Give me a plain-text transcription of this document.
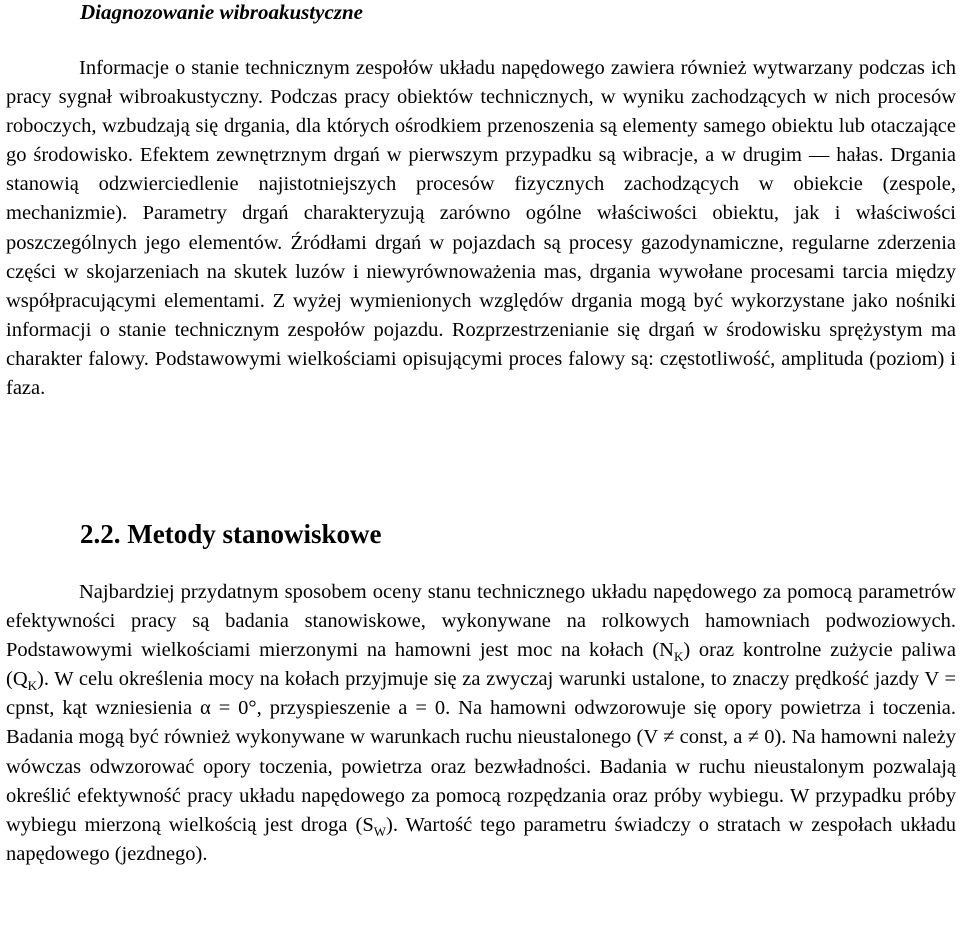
Diagnozowanie wibroakustyczne

Informacje o stanie technicznym zespołów układu napędowego zawiera również wytwarzany podczas ich pracy sygnał wibroakustyczny. Podczas pracy obiektów technicznych, w wyniku zachodzących w nich procesów roboczych, wzbudzają się drgania, dla których ośrodkiem przenoszenia są elementy samego obiektu lub otaczające go środowisko. Efektem zewnętrznym drgań w pierwszym przypadku są wibracje, a w drugim — hałas. Drgania stanowią odzwierciedlenie najistotniejszych procesów fizycznych zachodzących w obiekcie (zespole, mechanizmie). Parametry drgań charakteryzują zarówno ogólne właściwości obiektu, jak i właściwości poszczególnych jego elementów. Źródłami drgań w pojazdach są procesy gazodynamiczne, regularne zderzenia części w skojarzeniach na skutek luzów i niewyrównoważenia mas, drgania wywołane procesami tarcia między współpracującymi elementami. Z wyżej wymienionych względów drgania mogą być wykorzystane jako nośniki informacji o stanie technicznym zespołów pojazdu. Rozprzestrzenianie się drgań w środowisku sprężystym ma charakter falowy. Podstawowymi wielkościami opisującymi proces falowy są: częstotliwość, amplituda (poziom) i faza.

2.2. Metody stanowiskowe

Najbardziej przydatnym sposobem oceny stanu technicznego układu napędowego za pomocą parametrów efektywności pracy są badania stanowiskowe, wykonywane na rolkowych hamowniach podwoziowych. Podstawowymi wielkościami mierzonymi na hamowni jest moc na kołach $(N_K)$ oraz kontrolne zużycie paliwa $(Q_K)$. W celu określenia mocy na kołach przyjmuje się za zwyczaj warunki ustalone, to znaczy prędkość jazdy V = cpnst, kąt wzniesienia α = 0°, przyspieszenie a = 0. Na hamowni odwzorowuje się opory powietrza i toczenia. Badania mogą być również wykonywane w warunkach ruchu nieustalonego (V ≠ const, a ≠ 0). Na hamowni należy wówczas odwzorować opory toczenia, powietrza oraz bezwładności. Badania w ruchu nieustalonym pozwalają określić efektywność pracy układu napędowego za pomocą rozpędzania oraz próby wybiegu. W przypadku próby wybiegu mierzoną wielkością jest droga $(S_W)$. Wartość tego parametru świadczy o stratach w zespołach układu napędowego (jezdnego).
